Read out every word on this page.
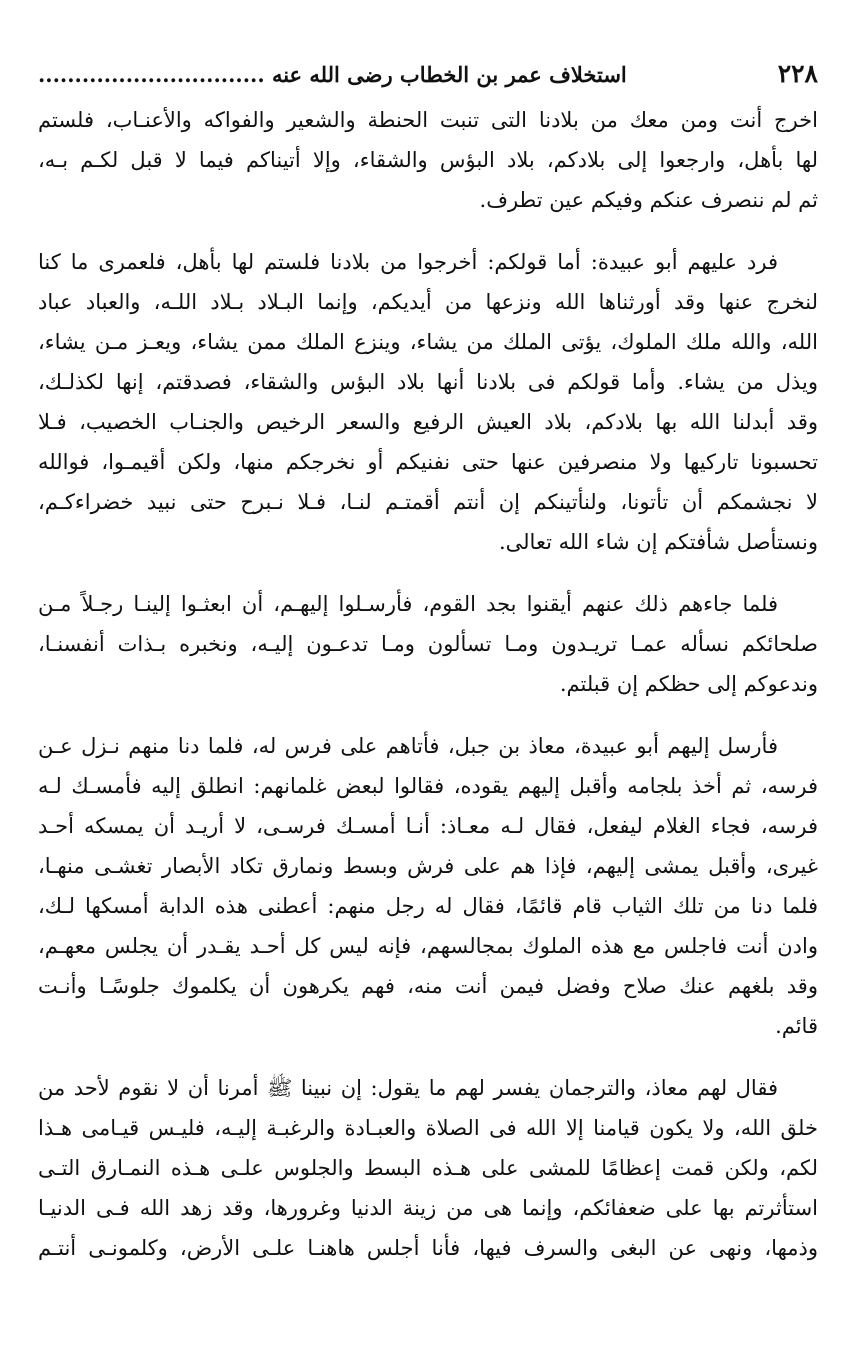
٢٢٨
استخلاف عمر بن الخطاب رضى الله عنه ...............................
اخرج أنت ومن معك من بلادنا التى تنبت الحنطة والشعير والفواكه والأعنـاب، فلستم
لها بأهل، وارجعوا إلى بلادكم، بلاد البؤس والشقاء، وإلا أتيناكم فيما لا قبل لكـم بـه،
ثم لم ننصرف عنكم وفيكم عين تطرف.
فرد عليهم أبو عبيدة: أما قولكم: أخرجوا من بلادنا فلستم لها بأهل، فلعمرى ما كنا
لنخرج عنها وقد أورثناها الله ونزعها من أيديكم، وإنما البـلاد بـلاد اللـه، والعباد عباد
الله، والله ملك الملوك، يؤتى الملك من يشاء، وينزع الملك ممن يشاء، ويعـز مـن يشاء،
ويذل من يشاء. وأما قولكم فى بلادنا أنها بلاد البؤس والشقاء، فصدقتم، إنها لكذلـك،
وقد أبدلنا الله بها بلادكم، بلاد العيش الرفيع والسعر الرخيص والجنـاب الخصيب، فـلا
تحسبونا تاركيها ولا منصرفين عنها حتى نفنيكم أو نخرجكم منها، ولكن أقيمـوا، فوالله
لا نجشمكم أن تأتونا، ولنأتينكم إن أنتم أقمتـم لنـا، فـلا نـبرح حتى نبيد خضراءكـم،
ونستأصل شأفتكم إن شاء الله تعالى.
فلما جاءهم ذلك عنهم أيقنوا بجد القوم، فأرسـلوا إليهـم، أن ابعثـوا إلينـا رجـلاً مـن
صلحائكم نسأله عمـا تريـدون ومـا تسألون ومـا تدعـون إليـه، ونخبره بـذات أنفسنـا،
وندعوكم إلى حظكم إن قبلتم.
فأرسل إليهم أبو عبيدة، معاذ بن جبل، فأتاهم على فرس له، فلما دنا منهم نـزل عـن
فرسه، ثم أخذ بلجامه وأقبل إليهم يقوده، فقالوا لبعض غلمانهم: انطلق إليه فأمسـك لـه
فرسه، فجاء الغلام ليفعل، فقال لـه معـاذ: أنـا أمسـك فرسـى، لا أريـد أن يمسكه أحـد
غيرى، وأقبل يمشى إليهم، فإذا هم على فرش وبسط ونمارق تكاد الأبصار تغشـى منهـا،
فلما دنا من تلك الثياب قام قائمًا، فقال له رجل منهم: أعطنى هذه الدابة أمسكها لـك،
وادن أنت فاجلس مع هذه الملوك بمجالسهم، فإنه ليس كل أحـد يقـدر أن يجلس معهـم،
وقد بلغهم عنك صلاح وفضل فيمن أنت منه، فهم يكرهون أن يكلموك جلوسًـا وأنـت
قائم.
فقال لهم معاذ، والترجمان يفسر لهم ما يقول: إن نبينا ﷺ أمرنا أن لا نقوم لأحد من
خلق الله، ولا يكون قيامنا إلا الله فى الصلاة والعبـادة والرغبـة إليـه، فليـس قيـامى هـذا
لكم، ولكن قمت إعظامًا للمشى على هـذه البسط والجلوس علـى هـذه النمـارق التـى
استأثرتم بها على ضعفائكم، وإنما هى من زينة الدنيا وغرورها، وقد زهد الله فـى الدنيـا
وذمها، ونهى عن البغى والسرف فيها، فأنا أجلس هاهنـا علـى الأرض، وكلمونـى أنتـم
